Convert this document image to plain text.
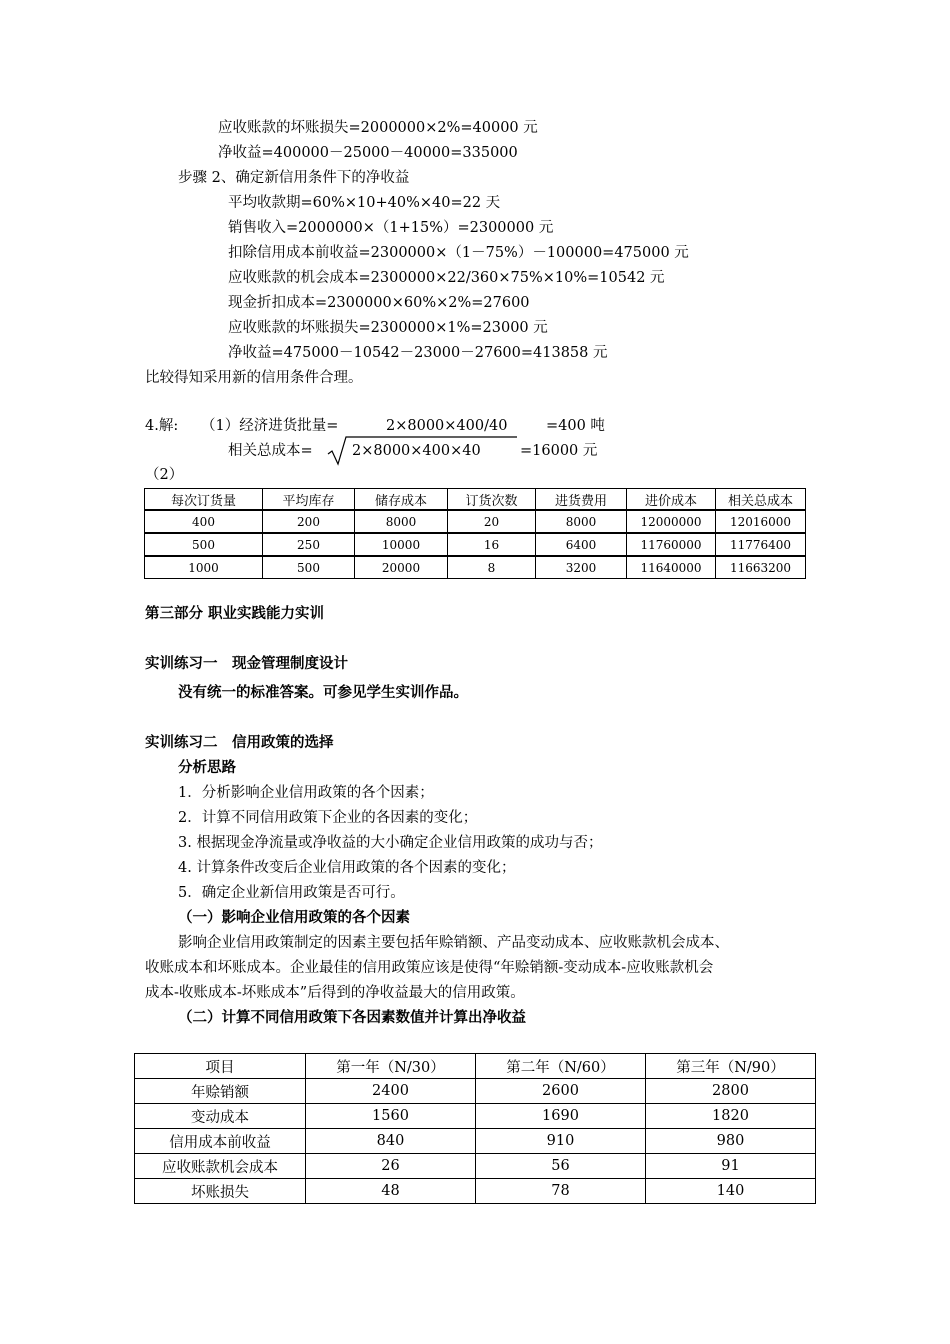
应收账款的坏账损失=2000000×2%=40000 元
净收益=400000－25000－40000=335000
步骤 2、确定新信用条件下的净收益
平均收款期=60%×10+40%×40=22 天
销售收入=2000000×（1+15%）=2300000 元
扣除信用成本前收益=2300000×（1－75%）－100000=475000 元
应收账款的机会成本=2300000×22/360×75%×10%=10542 元
现金折扣成本=2300000×60%×2%=27600
应收账款的坏账损失=2300000×1%=23000 元
净收益=475000－10542－23000－27600=413858 元
比较得知采用新的信用条件合理。
4.解: （1）经济进货批量=	2×8000×400/40	=400 吨
相关总成本=	2×8000×400×40	=16000 元
（2）
每次订货量	平均库存	储存成本	订货次数	进货费用	进价成本	相关总成本
400	200	8000	20	8000	12000000	12016000
500	250	10000	16	6400	11760000	11776400
1000	500	20000	8	3200	11640000	11663200
第三部分 职业实践能力实训
实训练习一　现金管理制度设计
没有统一的标准答案。可参见学生实训作品。
实训练习二　信用政策的选择
分析思路
1．分析影响企业信用政策的各个因素；
2．计算不同信用政策下企业的各因素的变化；
3. 根据现金净流量或净收益的大小确定企业信用政策的成功与否；
4. 计算条件改变后企业信用政策的各个因素的变化；
5．确定企业新信用政策是否可行。
（一）影响企业信用政策的各个因素
影响企业信用政策制定的因素主要包括年赊销额、产品变动成本、应收账款机会成本、
收账成本和坏账成本。企业最佳的信用政策应该是使得“年赊销额-变动成本-应收账款机会
成本-收账成本-坏账成本”后得到的净收益最大的信用政策。
（二）计算不同信用政策下各因素数值并计算出净收益
项目	第一年（N/30）	第二年（N/60）	第三年（N/90）
年赊销额	2400	2600	2800
变动成本	1560	1690	1820
信用成本前收益	840	910	980
应收账款机会成本	26	56	91
坏账损失	48	78	140
